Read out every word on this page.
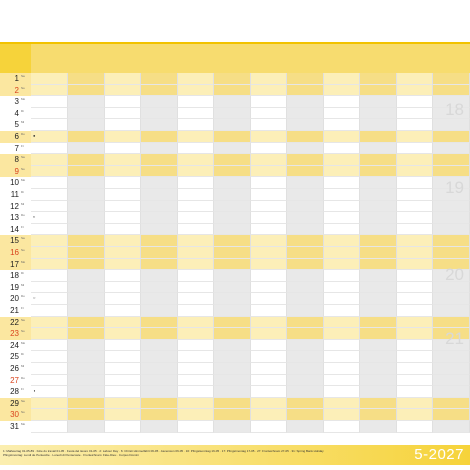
1 Sa
2 So
3 Mo
4 Di
5 Mi
6 Do
7 Fr
8 Sa
9 So
10 Mo
11 Di
12 Mi
13 Do
14 Fr
15 Sa
16 So
17 Mo
18 Di
19 Mi
20 Do
21 Fr
22 Sa
23 So
24 Mo
25 Di
26 Mi
27 Do
28 Fr
29 Sa
30 So
31 Mo
●
◐
○
◑
18
19
20
21
1: Maifeiertag 01-05-89 · Fête du travail 01-05 · Festa del lavoro 01-05 · 2: Labour Day · 6: Christi Himmelfahrt 06-05 · Ascension 06-05 · 16: Pfingstsonntag 16-05 · 17: Pfingstmontag 17-05 · 27: Fronleichnam 27-05 · 31: Spring Bank Holiday
Pfingstmontag: Lundi de Pentecôte · Lunedì di Pentecoste · Fronleichnam: Fête-Dieu · Corpus Domini	5-2027
